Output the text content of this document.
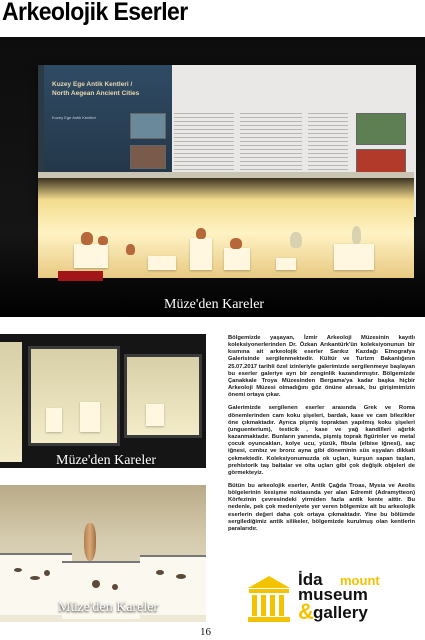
Arkeolojik Eserler
Kuzey Ege Antik Kentleri /
North Aegean Ancient Cities
Kuzey Ege Antik Kentleri
Müze'den Kareler
Müze'den Kareler
Müze'den Kareler

Bölgemizde yaşayan, İzmir Arkeoloji Müzesinin kayıtlı koleksiyonerlerinden Dr. Özkan Arıkantürk'ün koleksiyonunun bir kısmına ait arkeolojik eserler Sarıkız Kazdağı Etnografya Galerisinde sergilenmektedir. Kültür ve Turizm Bakanlığının 25.07.2017 tarihli özel izinleriyle galerimizde sergilenmeye başlayan bu eserler galeriye ayrı bir zenginlik kazandırmıştır. Bölgemizde Çanakkale Troya Müzesinden Bergama'ya kadar başka hiçbir Arkeoloji Müzesi olmadığını göz önüne alırsak, bu girişimimizin önemi ortaya çıkar.

Galerimizde sergilenen eserler arasında Grek ve Roma dönemlerinden cam koku şişeleri, bardak, kase ve cam bilezikler öne çıkmaktadır. Ayrıca pişmiş topraktan yapılmış koku şişeleri (unguenterium), testicik , kase ve yağ kandilleri ağırlık kazanmaktadır. Bunların yanında, pişmiş toprak figürinler ve metal çocuk oyuncakları, kolye ucu, yüzük, fibula (elbise iğnesi), saç iğnesi, cımbız ve bronz ayna gibi döneminin süs eşyaları dikkati çekmektedir. Koleksiyonumuzda ok uçları, kurşun sapan taşları, prehistorik taş baltalar ve olta uçları gibi çok değişik objeleri de görmekteyiz.

Bütün bu arkeolojik eserler, Antik Çağda Troas, Mysia ve Aeolis bölgelerinin kesişme noktasında yer alan Edremit (Adramytteon) Körfezinin çevresindeki yirmiden fazla antik kente aittir. Bu nedenle, pek çok medeniyete yer veren bölgemize ait bu arkeolojik eserlerin değeri daha çok ortaya çıkmaktadır. Yine bu bölümde sergilediğimiz antik silikeler, bölgemizde kurulmuş olan kentlerin paralarıdır.

İda mount
museum
& gallery
16
